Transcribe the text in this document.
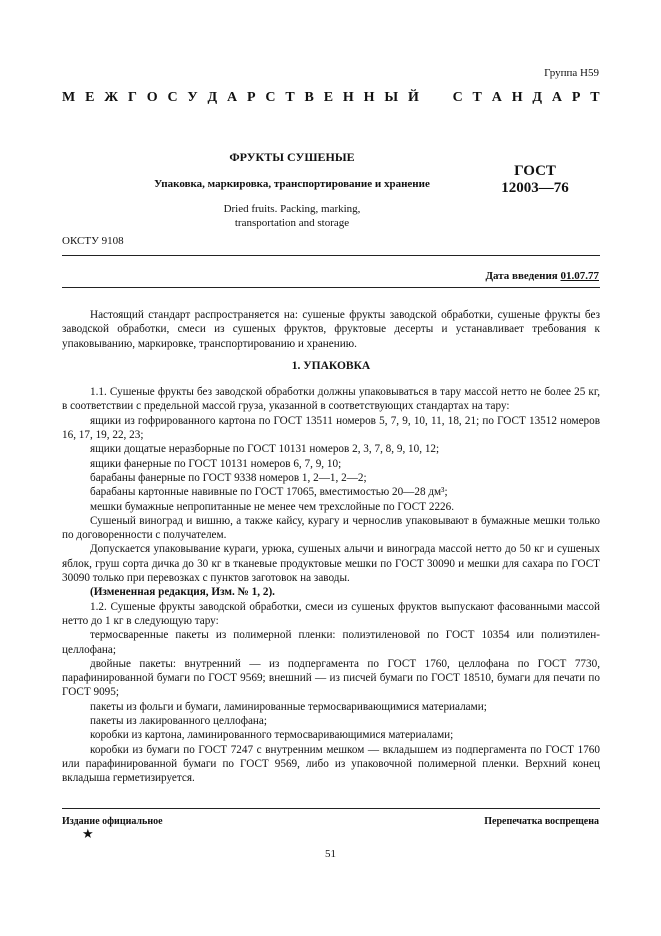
Группа Н59
М Е Ж Г О С У Д А Р С Т В Е Н Н Ы Й С Т А Н Д А Р Т
ФРУКТЫ СУШЕНЫЕ
Упаковка, маркировка, транспортирование и хранение
Dried fruits. Packing, marking,
transportation and storage
ГОСТ
12003—76
ОКСТУ 9108
Дата введения 01.07.77

Настоящий стандарт распространяется на: сушеные фрукты заводской обработки, сушеные фрукты без заводской обработки, смеси из сушеных фруктов, фруктовые десерты и устанавливает требования к упаковыванию, маркировке, транспортированию и хранению.

1. УПАКОВКА

1.1. Сушеные фрукты без заводской обработки должны упаковываться в тару массой нетто не более 25 кг, в соответствии с предельной массой груза, указанной в соответствующих стандартах на тару:

ящики из гофрированного картона по ГОСТ 13511 номеров 5, 7, 9, 10, 11, 18, 21; по ГОСТ 13512 номеров 16, 17, 19, 22, 23;

ящики дощатые неразборные по ГОСТ 10131 номеров 2, 3, 7, 8, 9, 10, 12;

ящики фанерные по ГОСТ 10131 номеров 6, 7, 9, 10;

барабаны фанерные по ГОСТ 9338 номеров 1, 2—1, 2—2;

барабаны картонные навивные по ГОСТ 17065, вместимостью 20—28 дм³;

мешки бумажные непропитанные не менее чем трехслойные по ГОСТ 2226.

Сушеный виноград и вишню, а также кайсу, курагу и чернослив упаковывают в бумажные мешки только по договоренности с получателем.

Допускается упаковывание кураги, урюка, сушеных алычи и винограда массой нетто до 50 кг и сушеных яблок, груш сорта дичка до 30 кг в тканевые продуктовые мешки по ГОСТ 30090 и мешки для сахара по ГОСТ 30090 только при перевозках с пунктов заготовок на заводы.

(Измененная редакция, Изм. № 1, 2).

1.2. Сушеные фрукты заводской обработки, смеси из сушеных фруктов выпускают фасованными массой нетто до 1 кг в следующую тару:

термосваренные пакеты из полимерной пленки: полиэтиленовой по ГОСТ 10354 или полиэтилен-целлофана;

двойные пакеты: внутренний — из подпергамента по ГОСТ 1760, целлофана по ГОСТ 7730, парафинированной бумаги по ГОСТ 9569; внешний — из писчей бумаги по ГОСТ 18510, бумаги для печати по ГОСТ 9095;

пакеты из фольги и бумаги, ламинированные термосваривающимися материалами;

пакеты из лакированного целлофана;

коробки из картона, ламинированного термосваривающимися материалами;

коробки из бумаги по ГОСТ 7247 с внутренним мешком — вкладышем из подпергамента по ГОСТ 1760 или парафинированной бумаги по ГОСТ 9569, либо из упаковочной полимерной пленки. Верхний конец вкладыша герметизируется.

Издание официальное	Перепечатка воспрещена
★
51
